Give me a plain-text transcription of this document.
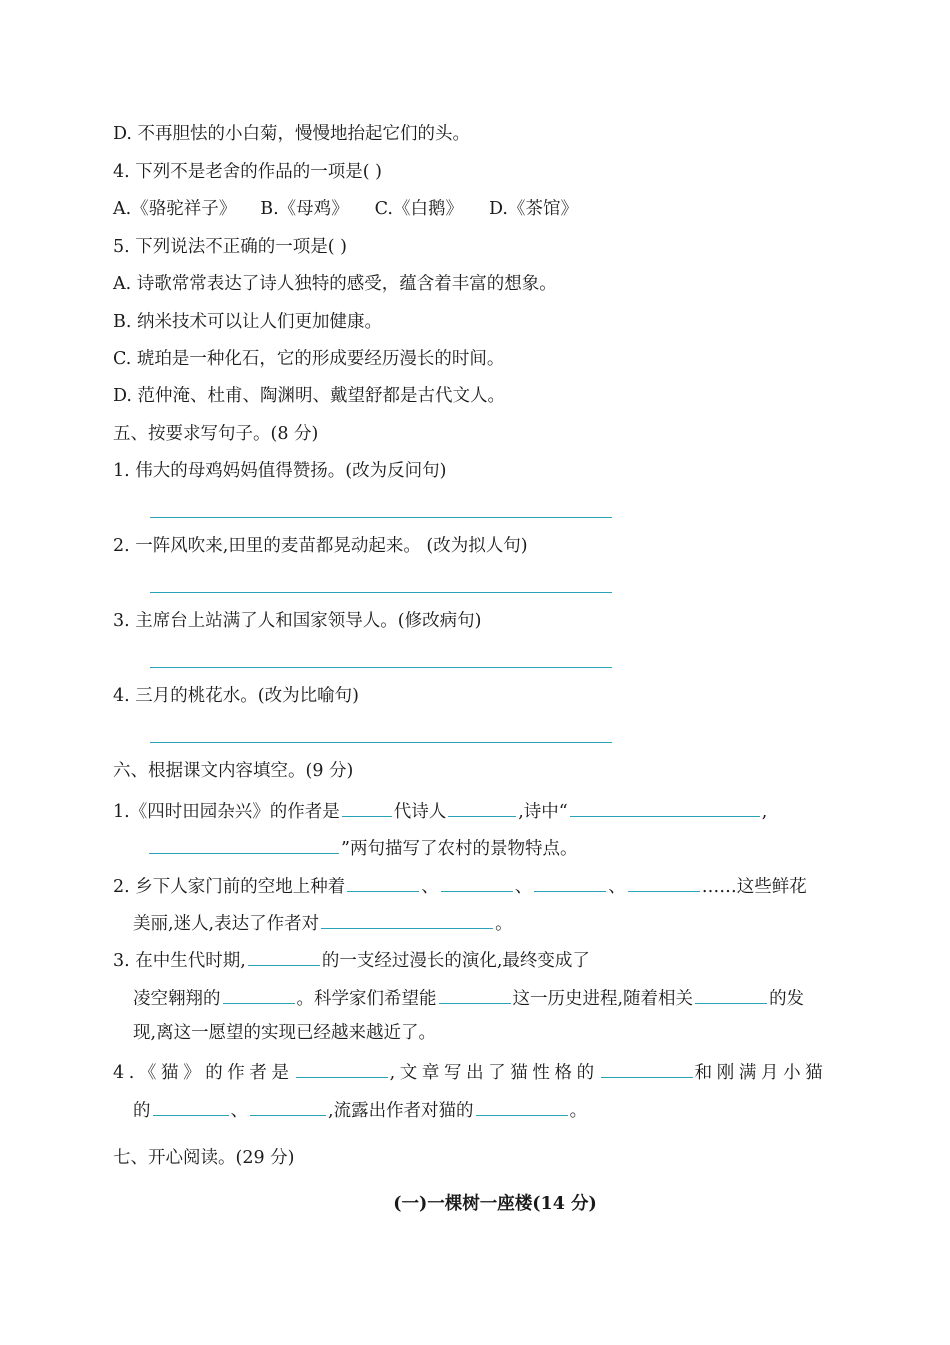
D. 不再胆怯的小白菊，慢慢地抬起它们的头。
4. 下列不是老舍的作品的一项是( )
A.《骆驼祥子》 B.《母鸡》 C.《白鹅》 D.《茶馆》
5. 下列说法不正确的一项是( )
A. 诗歌常常表达了诗人独特的感受，蕴含着丰富的想象。
B. 纳米技术可以让人们更加健康。
C. 琥珀是一种化石，它的形成要经历漫长的时间。
D. 范仲淹、杜甫、陶渊明、戴望舒都是古代文人。
五、按要求写句子。(8 分)
1. 伟大的母鸡妈妈值得赞扬。(改为反问句)
2. 一阵风吹来,田里的麦苗都晃动起来。 (改为拟人句)
3. 主席台上站满了人和国家领导人。(修改病句)
4. 三月的桃花水。(改为比喻句)
六、根据课文内容填空。(9 分)
1.《四时田园杂兴》的作者是	代诗人	,诗中“	,
”两句描写了农村的景物特点。
2. 乡下人家门前的空地上种着	、	、	、	……这些鲜花
美丽,迷人,表达了作者对	。
3. 在中生代时期,	的一支经过漫长的演化,最终变成了
凌空翱翔的	。科学家们希望能	这一历史进程,随着相关	的发
现,离这一愿望的实现已经越来越近了。
4.《猫》的作者是	,文章写出了猫性格的	和刚满月小猫
的	、	,流露出作者对猫的	。
七、开心阅读。(29 分)
(一)一棵树一座楼(14 分)
